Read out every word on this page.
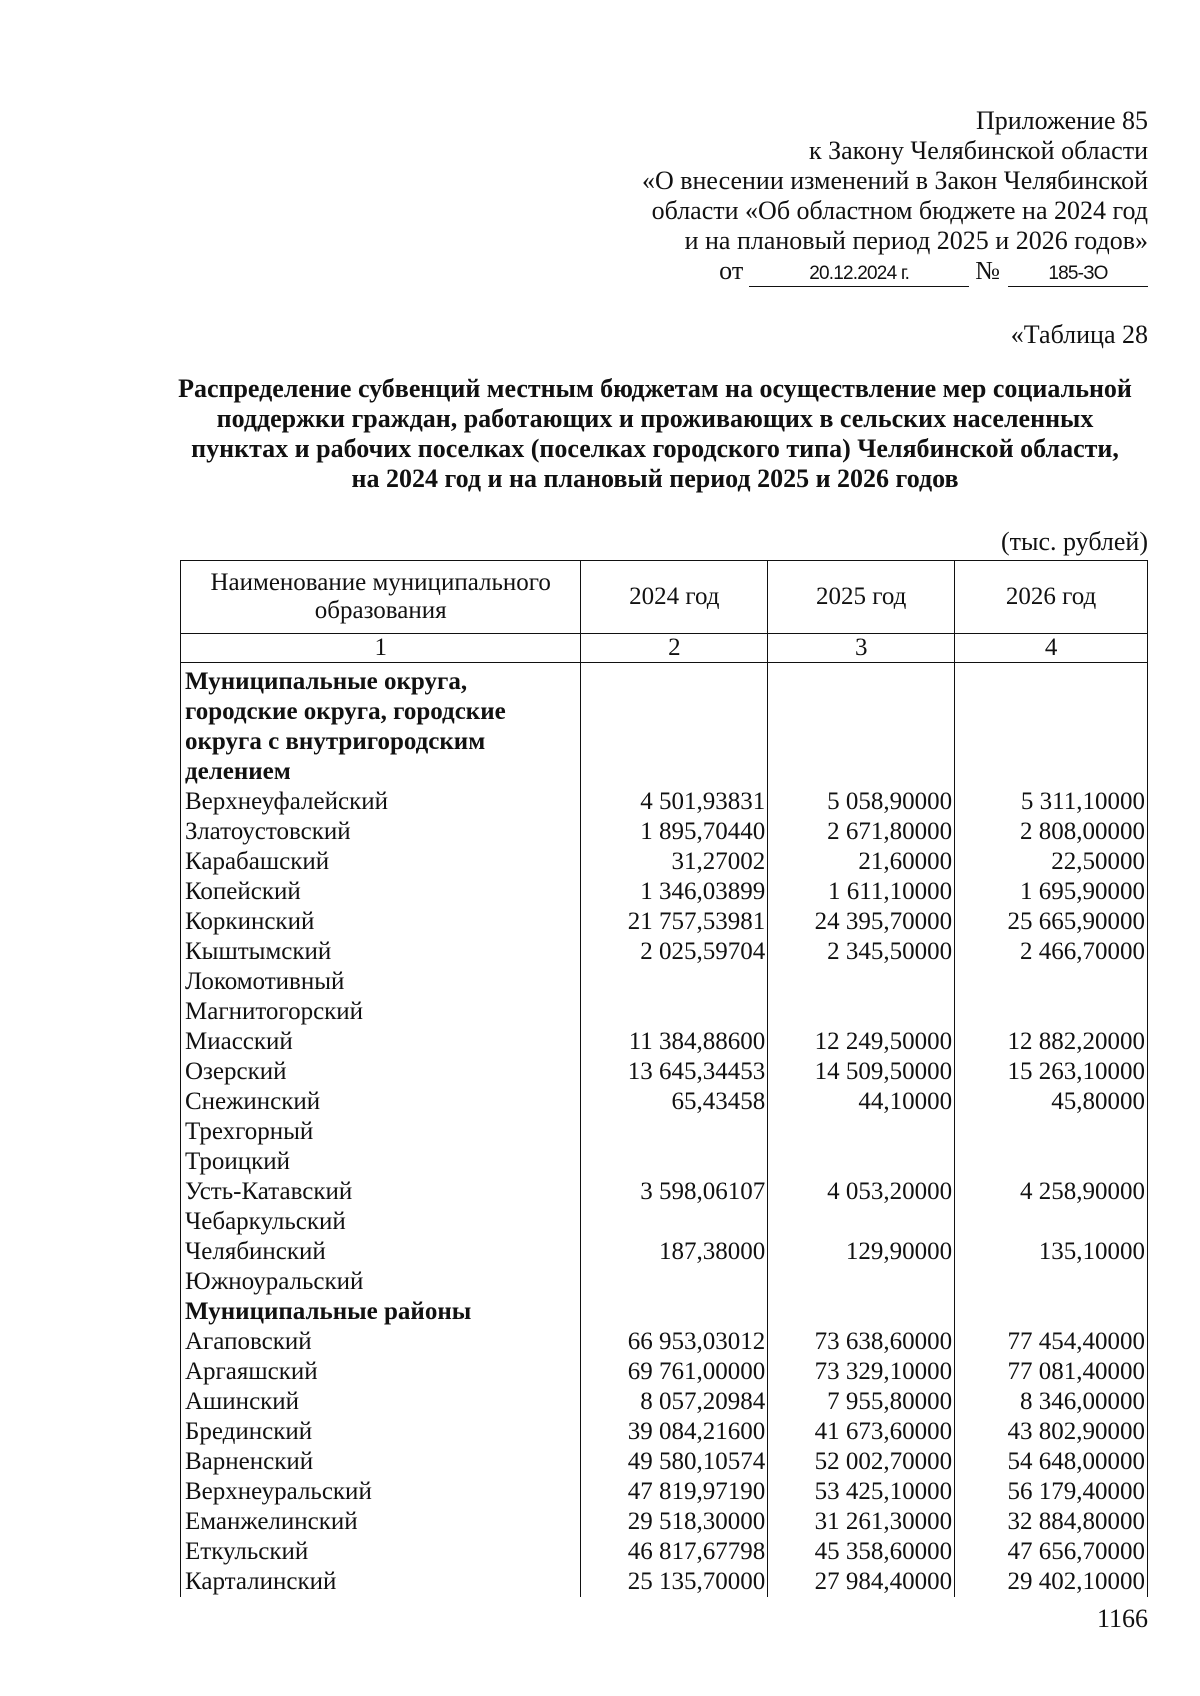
Приложение 85
к Закону Челябинской области
«О внесении изменений в Закон Челябинской
области «Об областном бюджете на 2024 год
и на плановый период 2025 и 2026 годов»
от	20.12.2024 г.	№	185-ЗО
«Таблица 28
Распределение субвенций местным бюджетам на осуществление мер социальной
поддержки граждан, работающих и проживающих в сельских населенных
пунктах и рабочих поселках (поселках городского типа) Челябинской области,
на 2024 год и на плановый период 2025 и 2026 годов
(тыс. рублей)
Наименование муниципального образования	2024 год	2025 год	2026 год
1	2	3	4
Муниципальные округа, городские округа, городские округа с внутригородским делением			
Верхнеуфалейский	4 501,93831	5 058,90000	5 311,10000
Златоустовский	1 895,70440	2 671,80000	2 808,00000
Карабашский	31,27002	21,60000	22,50000
Копейский	1 346,03899	1 611,10000	1 695,90000
Коркинский	21 757,53981	24 395,70000	25 665,90000
Кыштымский	2 025,59704	2 345,50000	2 466,70000
Локомотивный			
Магнитогорский			
Миасский	11 384,88600	12 249,50000	12 882,20000
Озерский	13 645,34453	14 509,50000	15 263,10000
Снежинский	65,43458	44,10000	45,80000
Трехгорный			
Троицкий			
Усть-Катавский	3 598,06107	4 053,20000	4 258,90000
Чебаркульский			
Челябинский	187,38000	129,90000	135,10000
Южноуральский			
Муниципальные районы			
Агаповский	66 953,03012	73 638,60000	77 454,40000
Аргаяшский	69 761,00000	73 329,10000	77 081,40000
Ашинский	8 057,20984	7 955,80000	8 346,00000
Брединский	39 084,21600	41 673,60000	43 802,90000
Варненский	49 580,10574	52 002,70000	54 648,00000
Верхнеуральский	47 819,97190	53 425,10000	56 179,40000
Еманжелинский	29 518,30000	31 261,30000	32 884,80000
Еткульский	46 817,67798	45 358,60000	47 656,70000
Карталинский	25 135,70000	27 984,40000	29 402,10000
1166
